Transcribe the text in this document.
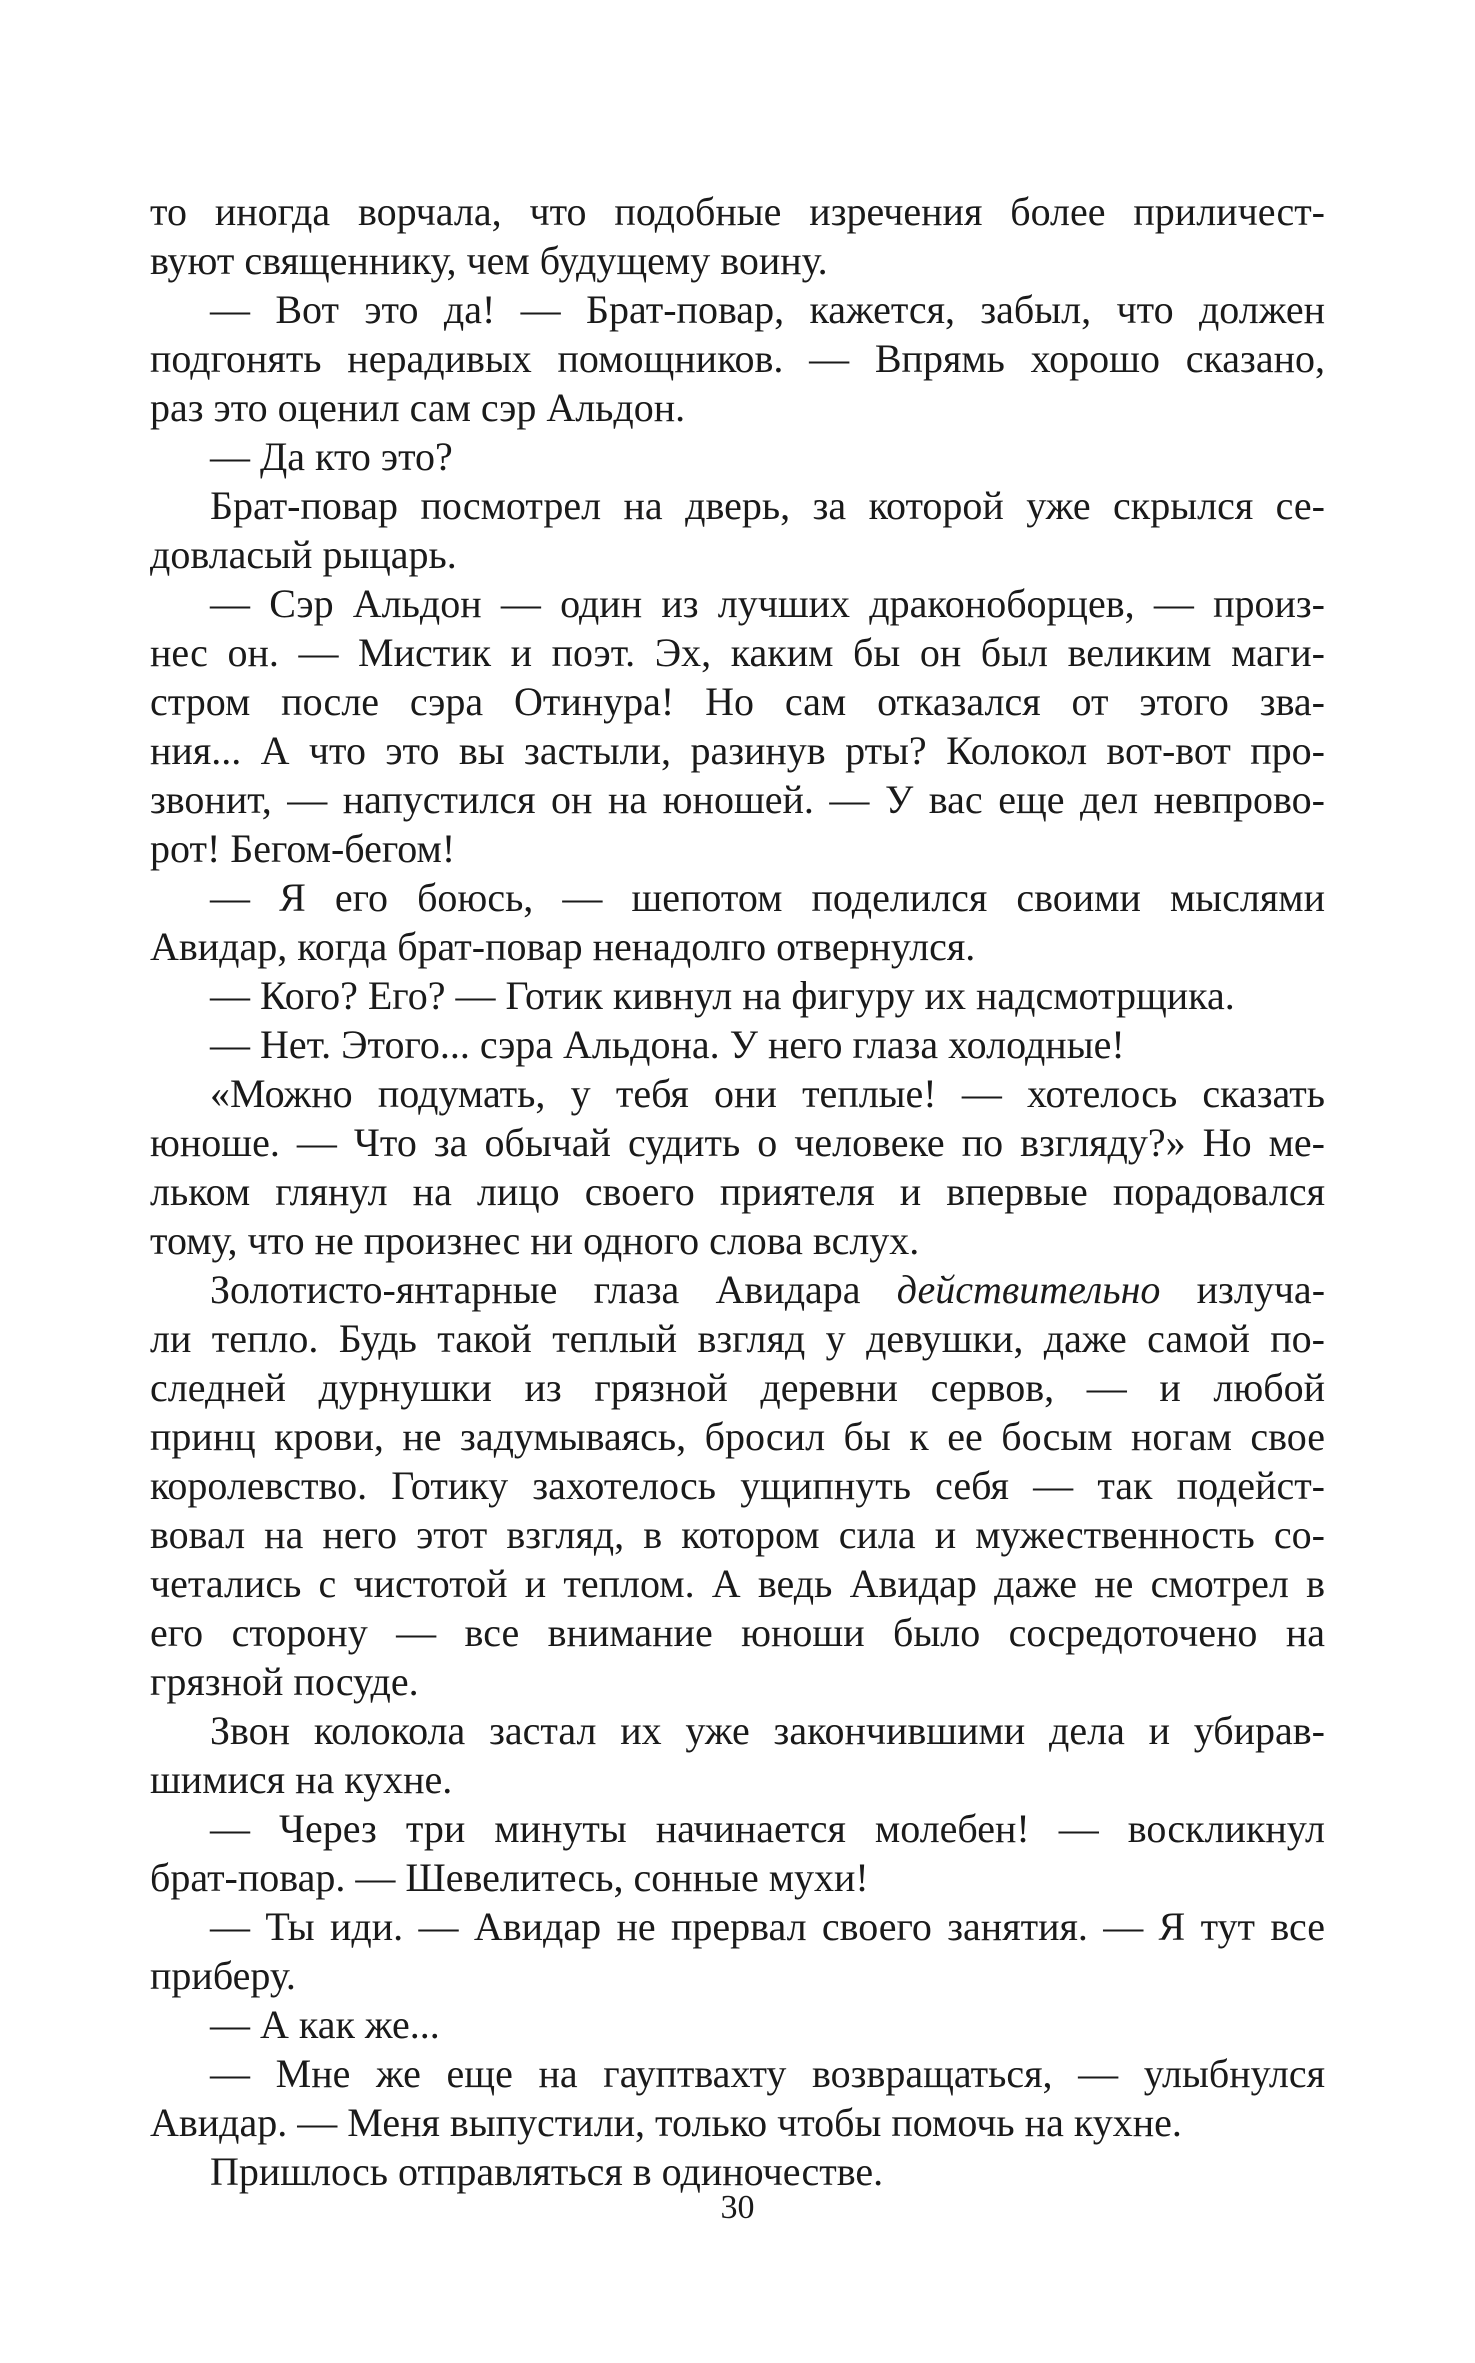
то иногда ворчала, что подобные изречения более приличест-
вуют священнику, чем будущему воину.
— Вот это да! — Брат-повар, кажется, забыл, что должен
подгонять нерадивых помощников. — Впрямь хорошо сказано,
раз это оценил сам сэр Альдон.
— Да кто это?
Брат-повар посмотрел на дверь, за которой уже скрылся се-
довласый рыцарь.
— Сэр Альдон — один из лучших драконоборцев, — произ-
нес он. — Мистик и поэт. Эх, каким бы он был великим маги-
стром после сэра Отинура! Но сам отказался от этого зва-
ния... А что это вы застыли, разинув рты? Колокол вот-вот про-
звонит, — напустился он на юношей. — У вас еще дел невпрово-
рот! Бегом-бегом!
— Я его боюсь, — шепотом поделился своими мыслями
Авидар, когда брат-повар ненадолго отвернулся.
— Кого? Его? — Готик кивнул на фигуру их надсмотрщика.
— Нет. Этого... сэра Альдона. У него глаза холодные!
«Можно подумать, у тебя они теплые! — хотелось сказать
юноше. — Что за обычай судить о человеке по взгляду?» Но ме-
льком глянул на лицо своего приятеля и впервые порадовался
тому, что не произнес ни одного слова вслух.
Золотисто-янтарные глаза Авидара действительно излуча-
ли тепло. Будь такой теплый взгляд у девушки, даже самой по-
следней дурнушки из грязной деревни сервов, — и любой
принц крови, не задумываясь, бросил бы к ее босым ногам свое
королевство. Готику захотелось ущипнуть себя — так подейст-
вовал на него этот взгляд, в котором сила и мужественность со-
четались с чистотой и теплом. А ведь Авидар даже не смотрел в
его сторону — все внимание юноши было сосредоточено на
грязной посуде.
Звон колокола застал их уже закончившими дела и убирав-
шимися на кухне.
— Через три минуты начинается молебен! — воскликнул
брат-повар. — Шевелитесь, сонные мухи!
— Ты иди. — Авидар не прервал своего занятия. — Я тут все
приберу.
— А как же...
— Мне же еще на гауптвахту возвращаться, — улыбнулся
Авидар. — Меня выпустили, только чтобы помочь на кухне.
Пришлось отправляться в одиночестве.
30
